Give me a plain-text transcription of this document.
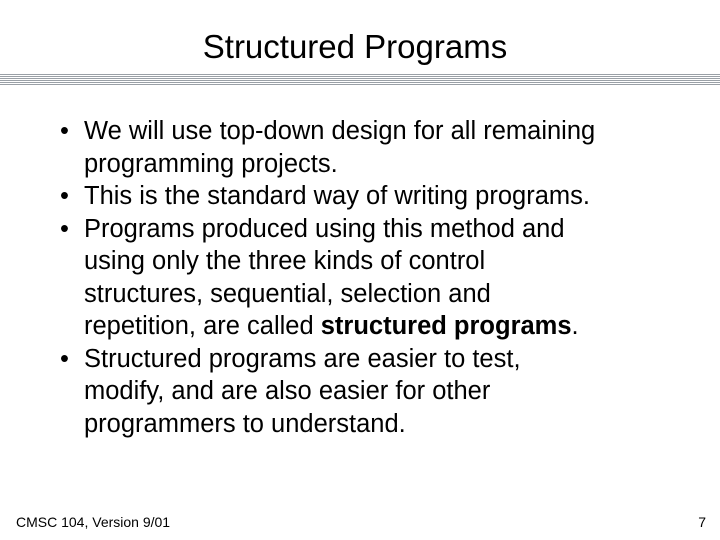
Structured Programs
• We will use top-down design for all remaining
programming projects.
• This is the standard way of writing programs.
• Programs produced using this method and
using only the three kinds of control
structures, sequential, selection and
repetition, are called structured programs.
• Structured programs are easier to test,
modify, and are also easier for other
programmers to understand.
CMSC 104, Version 9/01	7
